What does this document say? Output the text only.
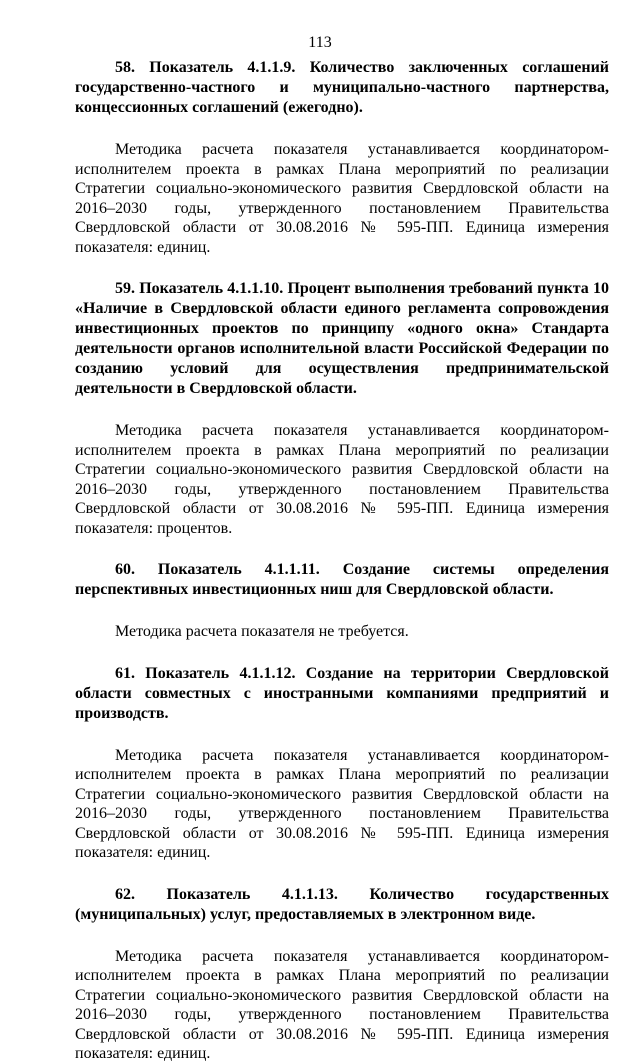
113

58. Показатель 4.1.1.9. Количество заключенных соглашений государственно-частного и муниципально-частного партнерства, концессионных соглашений (ежегодно).

Методика расчета показателя устанавливается координатором-исполнителем проекта в рамках Плана мероприятий по реализации Стратегии социально-экономического развития Свердловской области на 2016–2030 годы, утвержденного постановлением Правительства Свердловской области от 30.08.2016 № 595-ПП. Единица измерения показателя: единиц.

59. Показатель 4.1.1.10. Процент выполнения требований пункта 10 «Наличие в Свердловской области единого регламента сопровождения инвестиционных проектов по принципу «одного окна» Стандарта деятельности органов исполнительной власти Российской Федерации по созданию условий для осуществления предпринимательской деятельности в Свердловской области.

Методика расчета показателя устанавливается координатором-исполнителем проекта в рамках Плана мероприятий по реализации Стратегии социально-экономического развития Свердловской области на 2016–2030 годы, утвержденного постановлением Правительства Свердловской области от 30.08.2016 № 595-ПП. Единица измерения показателя: процентов.

60. Показатель 4.1.1.11. Создание системы определения перспективных инвестиционных ниш для Свердловской области.

Методика расчета показателя не требуется.

61. Показатель 4.1.1.12. Создание на территории Свердловской области совместных с иностранными компаниями предприятий и производств.

Методика расчета показателя устанавливается координатором-исполнителем проекта в рамках Плана мероприятий по реализации Стратегии социально-экономического развития Свердловской области на 2016–2030 годы, утвержденного постановлением Правительства Свердловской области от 30.08.2016 № 595-ПП. Единица измерения показателя: единиц.

62. Показатель 4.1.1.13. Количество государственных (муниципальных) услуг, предоставляемых в электронном виде.

Методика расчета показателя устанавливается координатором-исполнителем проекта в рамках Плана мероприятий по реализации Стратегии социально-экономического развития Свердловской области на 2016–2030 годы, утвержденного постановлением Правительства Свердловской области от 30.08.2016 № 595-ПП. Единица измерения показателя: единиц.
